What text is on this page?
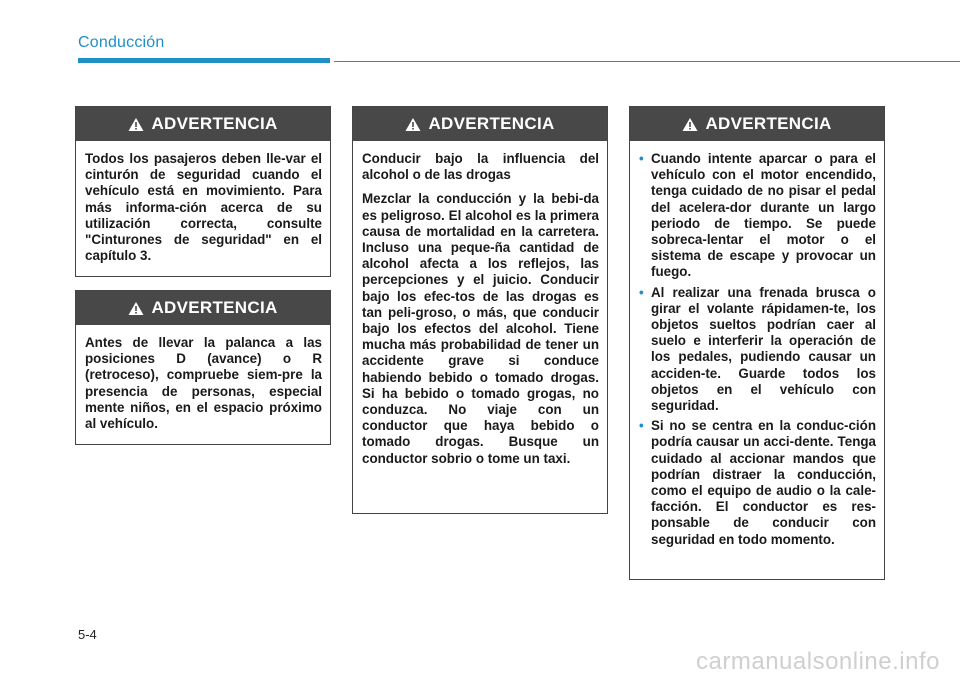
Conducción
ADVERTENCIA

Todos los pasajeros deben lle-var el cinturón de seguridad cuando el vehículo está en movimiento. Para más informa-ción acerca de su utilización correcta, consulte "Cinturones de seguridad" en el capítulo 3.

ADVERTENCIA

Antes de llevar la palanca a las posiciones D (avance) o R (retroceso), compruebe siem-pre la presencia de personas, especial mente niños, en el espacio próximo al vehículo.

ADVERTENCIA

Conducir bajo la influencia del alcohol o de las drogas

Mezclar la conducción y la bebi-da es peligroso. El alcohol es la primera causa de mortalidad en la carretera. Incluso una peque-ña cantidad de alcohol afecta a los reflejos, las percepciones y el juicio. Conducir bajo los efec-tos de las drogas es tan peli-groso, o más, que conducir bajo los efectos del alcohol. Tiene mucha más probabilidad de tener un accidente grave si conduce habiendo bebido o tomado drogas. Si ha bebido o tomado grogas, no conduzca. No viaje con un conductor que haya bebido o tomado drogas. Busque un conductor sobrio o tome un taxi.

ADVERTENCIA
• Cuando intente aparcar o para el vehículo con el motor encendido, tenga cuidado de no pisar el pedal del acelera-dor durante un largo periodo de tiempo. Se puede sobreca-lentar el motor o el sistema de escape y provocar un fuego.
• Al realizar una frenada brusca o girar el volante rápidamen-te, los objetos sueltos podrían caer al suelo e interferir la operación de los pedales, pudiendo causar un acciden-te. Guarde todos los objetos en el vehículo con seguridad.
• Si no se centra en la conduc-ción podría causar un acci-dente. Tenga cuidado al accionar mandos que podrían distraer la conducción, como el equipo de audio o la cale-facción. El conductor es res-ponsable de conducir con seguridad en todo momento.
5-4
carmanualsonline.info
